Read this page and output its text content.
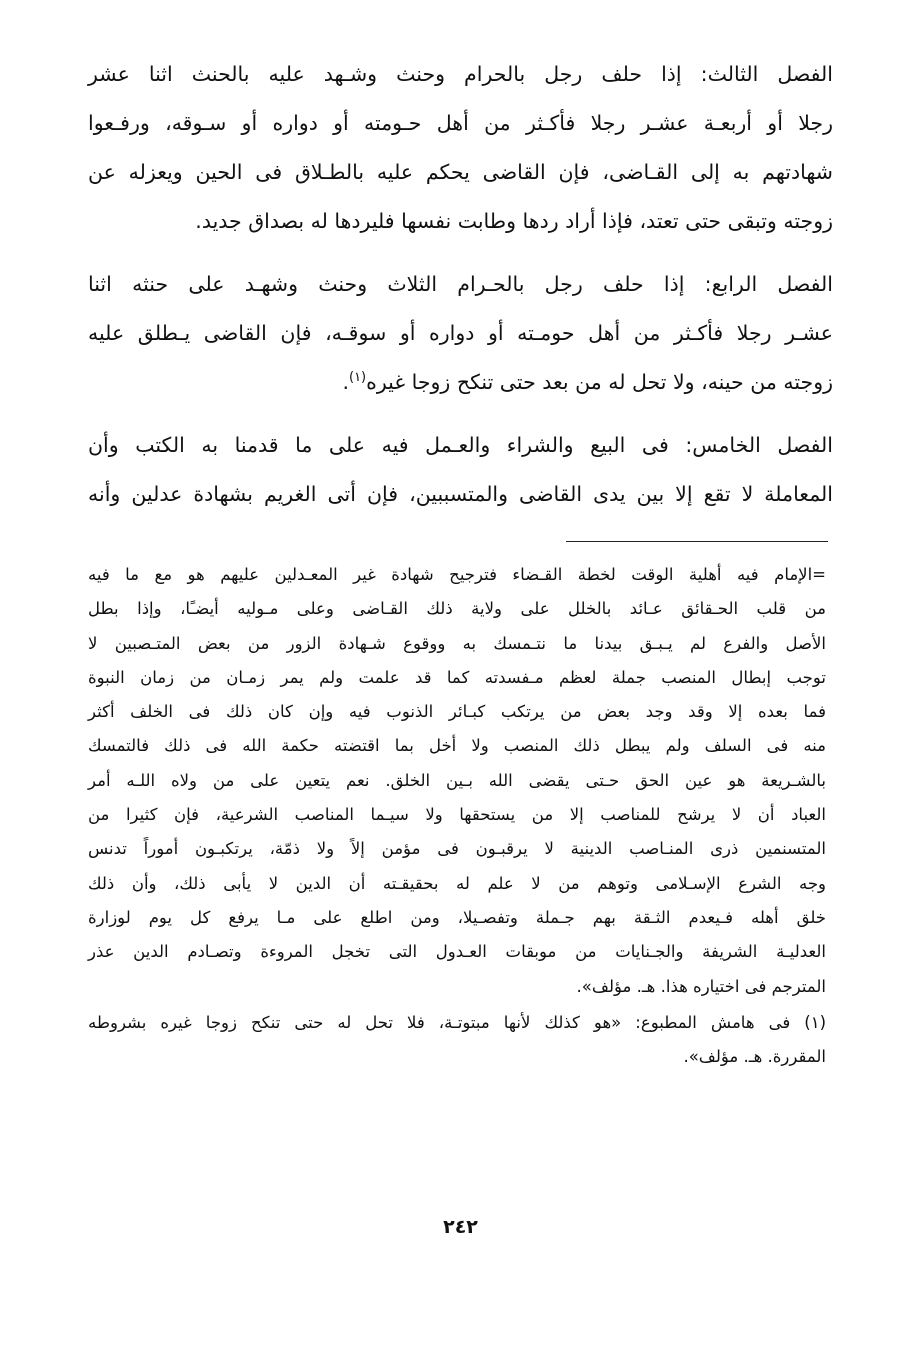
الفصل الثالث: إذا حلف رجل بالحرام وحنث وشـهد عليه بالحنث اثنا عشر
رجلا أو أربعـة عشـر رجلا فأكـثر من أهل حـومته أو دواره أو سـوقه، ورفـعوا
شهادتهم به إلى القـاضى، فإن القاضى يحكم عليه بالطـلاق فى الحين ويعزله عن
زوجته وتبقى حتى تعتد، فإذا أراد ردها وطابت نفسها فليردها له بصداق جديد.

الفصل الرابع: إذا حلف رجل بالحـرام الثلاث وحنث وشهـد على حنثه اثنا
عشـر رجلا فأكـثر من أهل حومـته أو دواره أو سوقـه، فإن القاضى يـطلق عليه
زوجته من حينه، ولا تحل له من بعد حتى تنكح زوجا غيره$^{(١)}$.

الفصل الخامس: فى البيع والشراء والعـمل فيه على ما قدمنا به الكتب وأن
المعاملة لا تقع إلا بين يدى القاضى والمتسببين، فإن أتى الغريم بشهادة عدلين وأنه

=الإمام فيه أهلية الوقت لخطة القـضاء فترجيح شهادة غير المعـدلين عليهم هو مع ما فيه
من قلب الحـقائق عـائد بالخلل على ولاية ذلك القـاضى وعلى مـوليه أيضـًا، وإذا بطل
الأصل والفرع لم يـبـق بيدنا ما نتـمسك به ووقوع شـهادة الزور من بعض المتـصبين لا
توجب إبطال المنصب جملة لعظم مـفسدته كما قد علمت ولم يمر زمـان من زمان النبوة
فما بعده إلا وقد وجد بعض من يرتكب كبـائر الذنوب فيه وإن كان ذلك فى الخلف أكثر
منه فى السلف ولم يبطل ذلك المنصب ولا أخل بما اقتضته حكمة الله فى ذلك فالتمسك
بالشـريعة هو عين الحق حـتى يقضى الله بـين الخلق. نعم يتعين على من ولاه اللـه أمر
العباد أن لا يرشح للمناصب إلا من يستحقها ولا سيـما المناصب الشرعية، فإن كثيرا من
المتسنمين ذرى المنـاصب الدينية لا يرقبـون فى مؤمن إلاً ولا ذمّة، يرتكبـون أموراً تدنس
وجه الشرع الإسـلامى وتوهم من لا علم له بحقيقـته أن الدين لا يأبى ذلك، وأن ذلك
خلق أهله فـيعدم الثـقة بهم جـملة وتفصـيلا، ومن اطلع على مـا يرفع كل يوم لوزارة
العدليـة الشريفة والجـنايات من موبقات العـدول التى تخجل المروءة وتصـادم الدين عذر
المترجم فى اختياره هذا. هـ. مؤلف».

(١) فى هامش المطبوع: «هو كذلك لأنها مبتوتـة، فلا تحل له حتى تنكح زوجا غيره بشروطه
المقررة. هـ. مؤلف».

٢٤٢
